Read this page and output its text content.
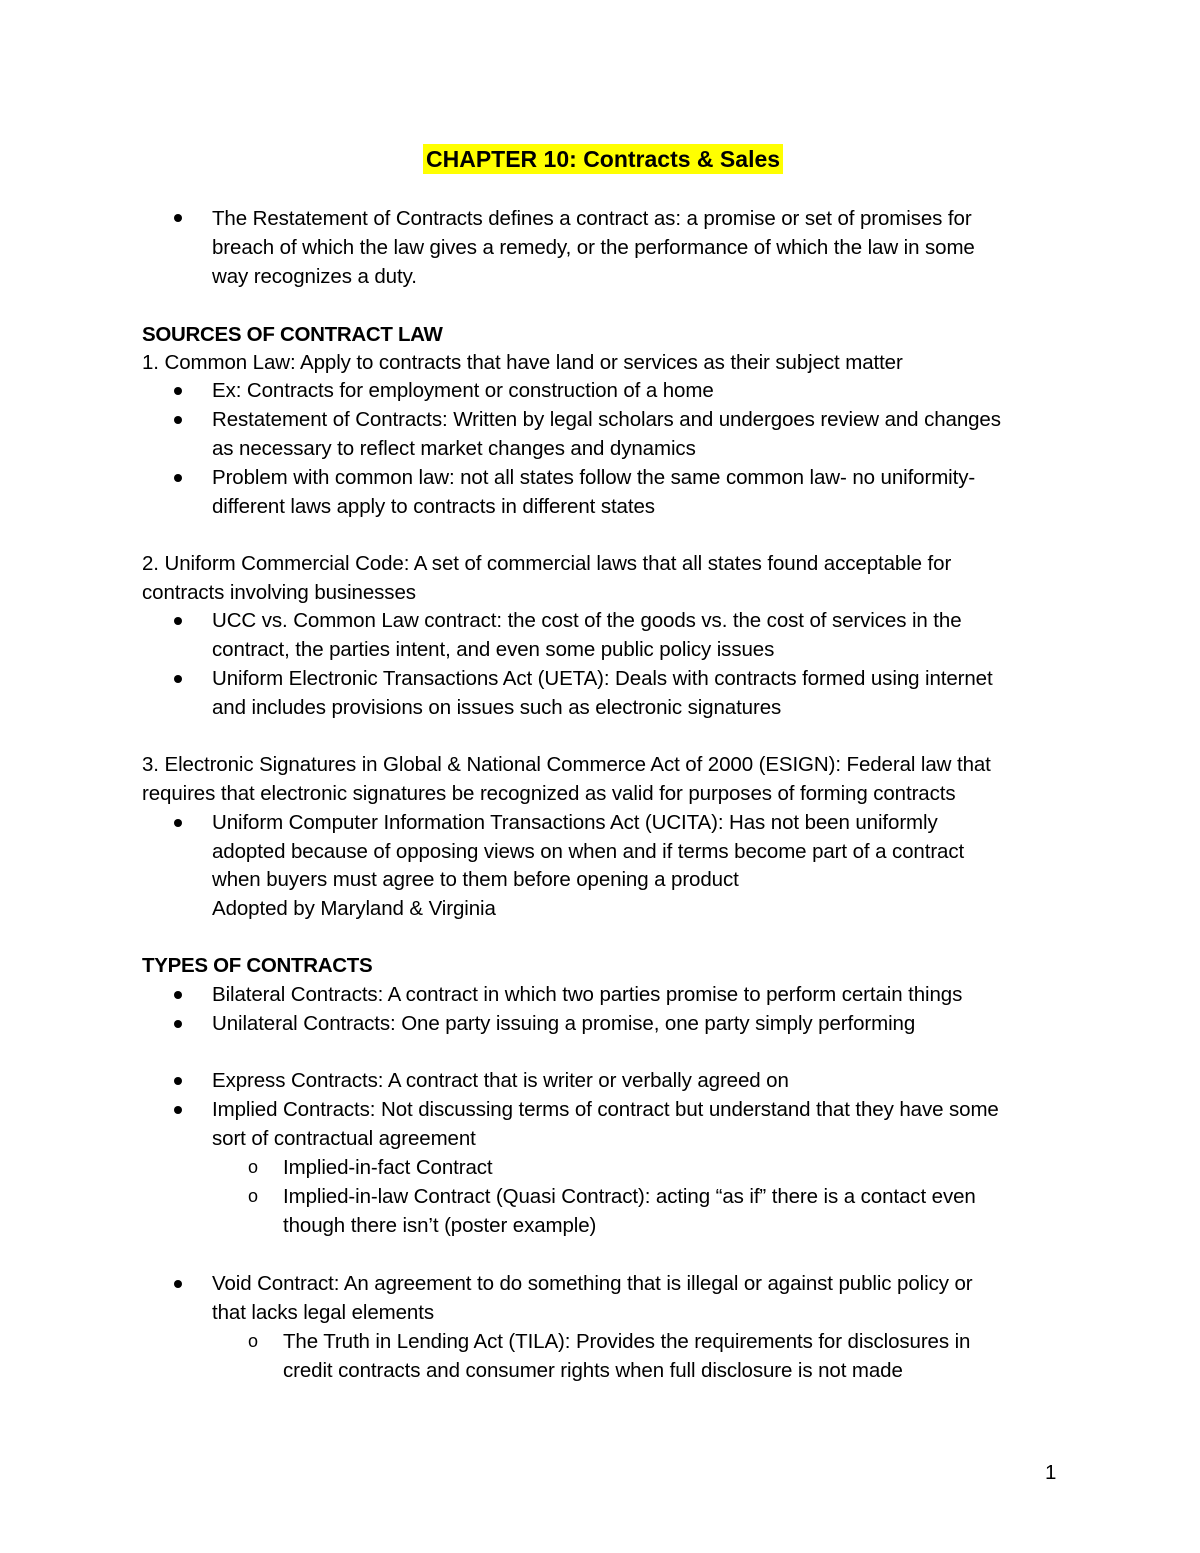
CHAPTER 10: Contracts & Sales
The Restatement of Contracts defines a contract as: a promise or set of promises for
breach of which the law gives a remedy, or the performance of which the law in some
way recognizes a duty.
SOURCES OF CONTRACT LAW
1. Common Law: Apply to contracts that have land or services as their subject matter
Ex: Contracts for employment or construction of a home
Restatement of Contracts: Written by legal scholars and undergoes review and changes
as necessary to reflect market changes and dynamics
Problem with common law: not all states follow the same common law- no uniformity-
different laws apply to contracts in different states
2. Uniform Commercial Code: A set of commercial laws that all states found acceptable for
contracts involving businesses
UCC vs. Common Law contract: the cost of the goods vs. the cost of services in the
contract, the parties intent, and even some public policy issues
Uniform Electronic Transactions Act (UETA): Deals with contracts formed using internet
and includes provisions on issues such as electronic signatures
3. Electronic Signatures in Global & National Commerce Act of 2000 (ESIGN): Federal law that
requires that electronic signatures be recognized as valid for purposes of forming contracts
Uniform Computer Information Transactions Act (UCITA): Has not been uniformly
adopted because of opposing views on when and if terms become part of a contract
when buyers must agree to them before opening a product
Adopted by Maryland & Virginia
TYPES OF CONTRACTS
Bilateral Contracts: A contract in which two parties promise to perform certain things
Unilateral Contracts: One party issuing a promise, one party simply performing
Express Contracts: A contract that is writer or verbally agreed on
Implied Contracts: Not discussing terms of contract but understand that they have some
sort of contractual agreement
o Implied-in-fact Contract
o Implied-in-law Contract (Quasi Contract): acting “as if” there is a contact even
though there isn’t (poster example)
Void Contract: An agreement to do something that is illegal or against public policy or
that lacks legal elements
o The Truth in Lending Act (TILA): Provides the requirements for disclosures in
credit contracts and consumer rights when full disclosure is not made
1
